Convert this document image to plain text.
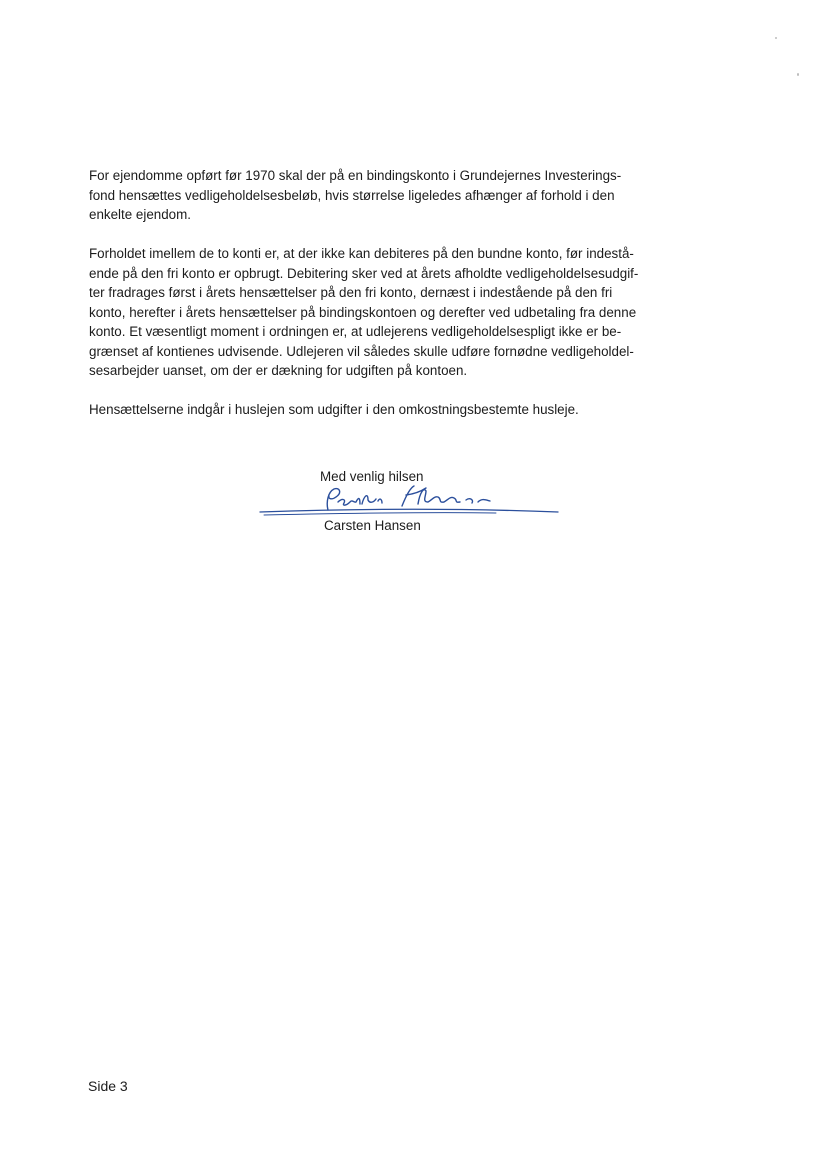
For ejendomme opført før 1970 skal der på en bindingskonto i Grundejernes Investerings-
fond hensættes vedligeholdelsesbeløb, hvis størrelse ligeledes afhænger af forhold i den
enkelte ejendom.

Forholdet imellem de to konti er, at der ikke kan debiteres på den bundne konto, før indestå-
ende på den fri konto er opbrugt. Debitering sker ved at årets afholdte vedligeholdelsesudgif-
ter fradrages først i årets hensættelser på den fri konto, dernæst i indestående på den fri
konto, herefter i årets hensættelser på bindingskontoen og derefter ved udbetaling fra denne
konto. Et væsentligt moment i ordningen er, at udlejerens vedligeholdelsespligt ikke er be-
grænset af kontienes udvisende. Udlejeren vil således skulle udføre fornødne vedligeholdel-
sesarbejder uanset, om der er dækning for udgiften på kontoen.

Hensættelserne indgår i huslejen som udgifter i den omkostningsbestemte husleje.

Med venlig hilsen
Carsten Hansen
Side 3
